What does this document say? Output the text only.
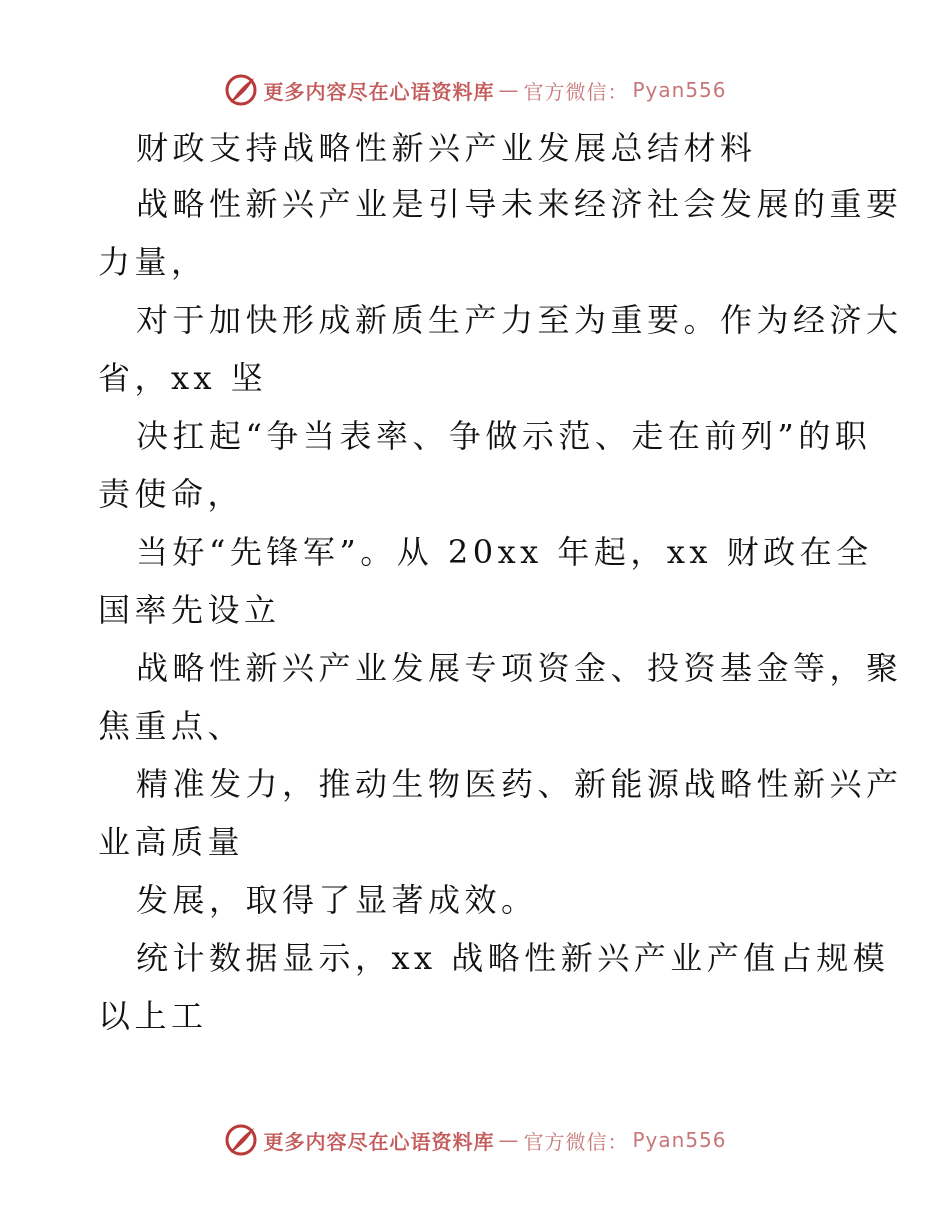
更多内容尽在心语资料库 — 官方微信： Pyan556
财政支持战略性新兴产业发展总结材料
战略性新兴产业是引导未来经济社会发展的重要
力量，
对于加快形成新质生产力至为重要。作为经济大
省，xx 坚
决扛起“争当表率、争做示范、走在前列”的职
责使命，
当好“先锋军”。从 20xx 年起，xx 财政在全
国率先设立
战略性新兴产业发展专项资金、投资基金等，聚
焦重点、
精准发力，推动生物医药、新能源战略性新兴产
业高质量
发展，取得了显著成效。
统计数据显示，xx 战略性新兴产业产值占规模
以上工
更多内容尽在心语资料库 — 官方微信： Pyan556
